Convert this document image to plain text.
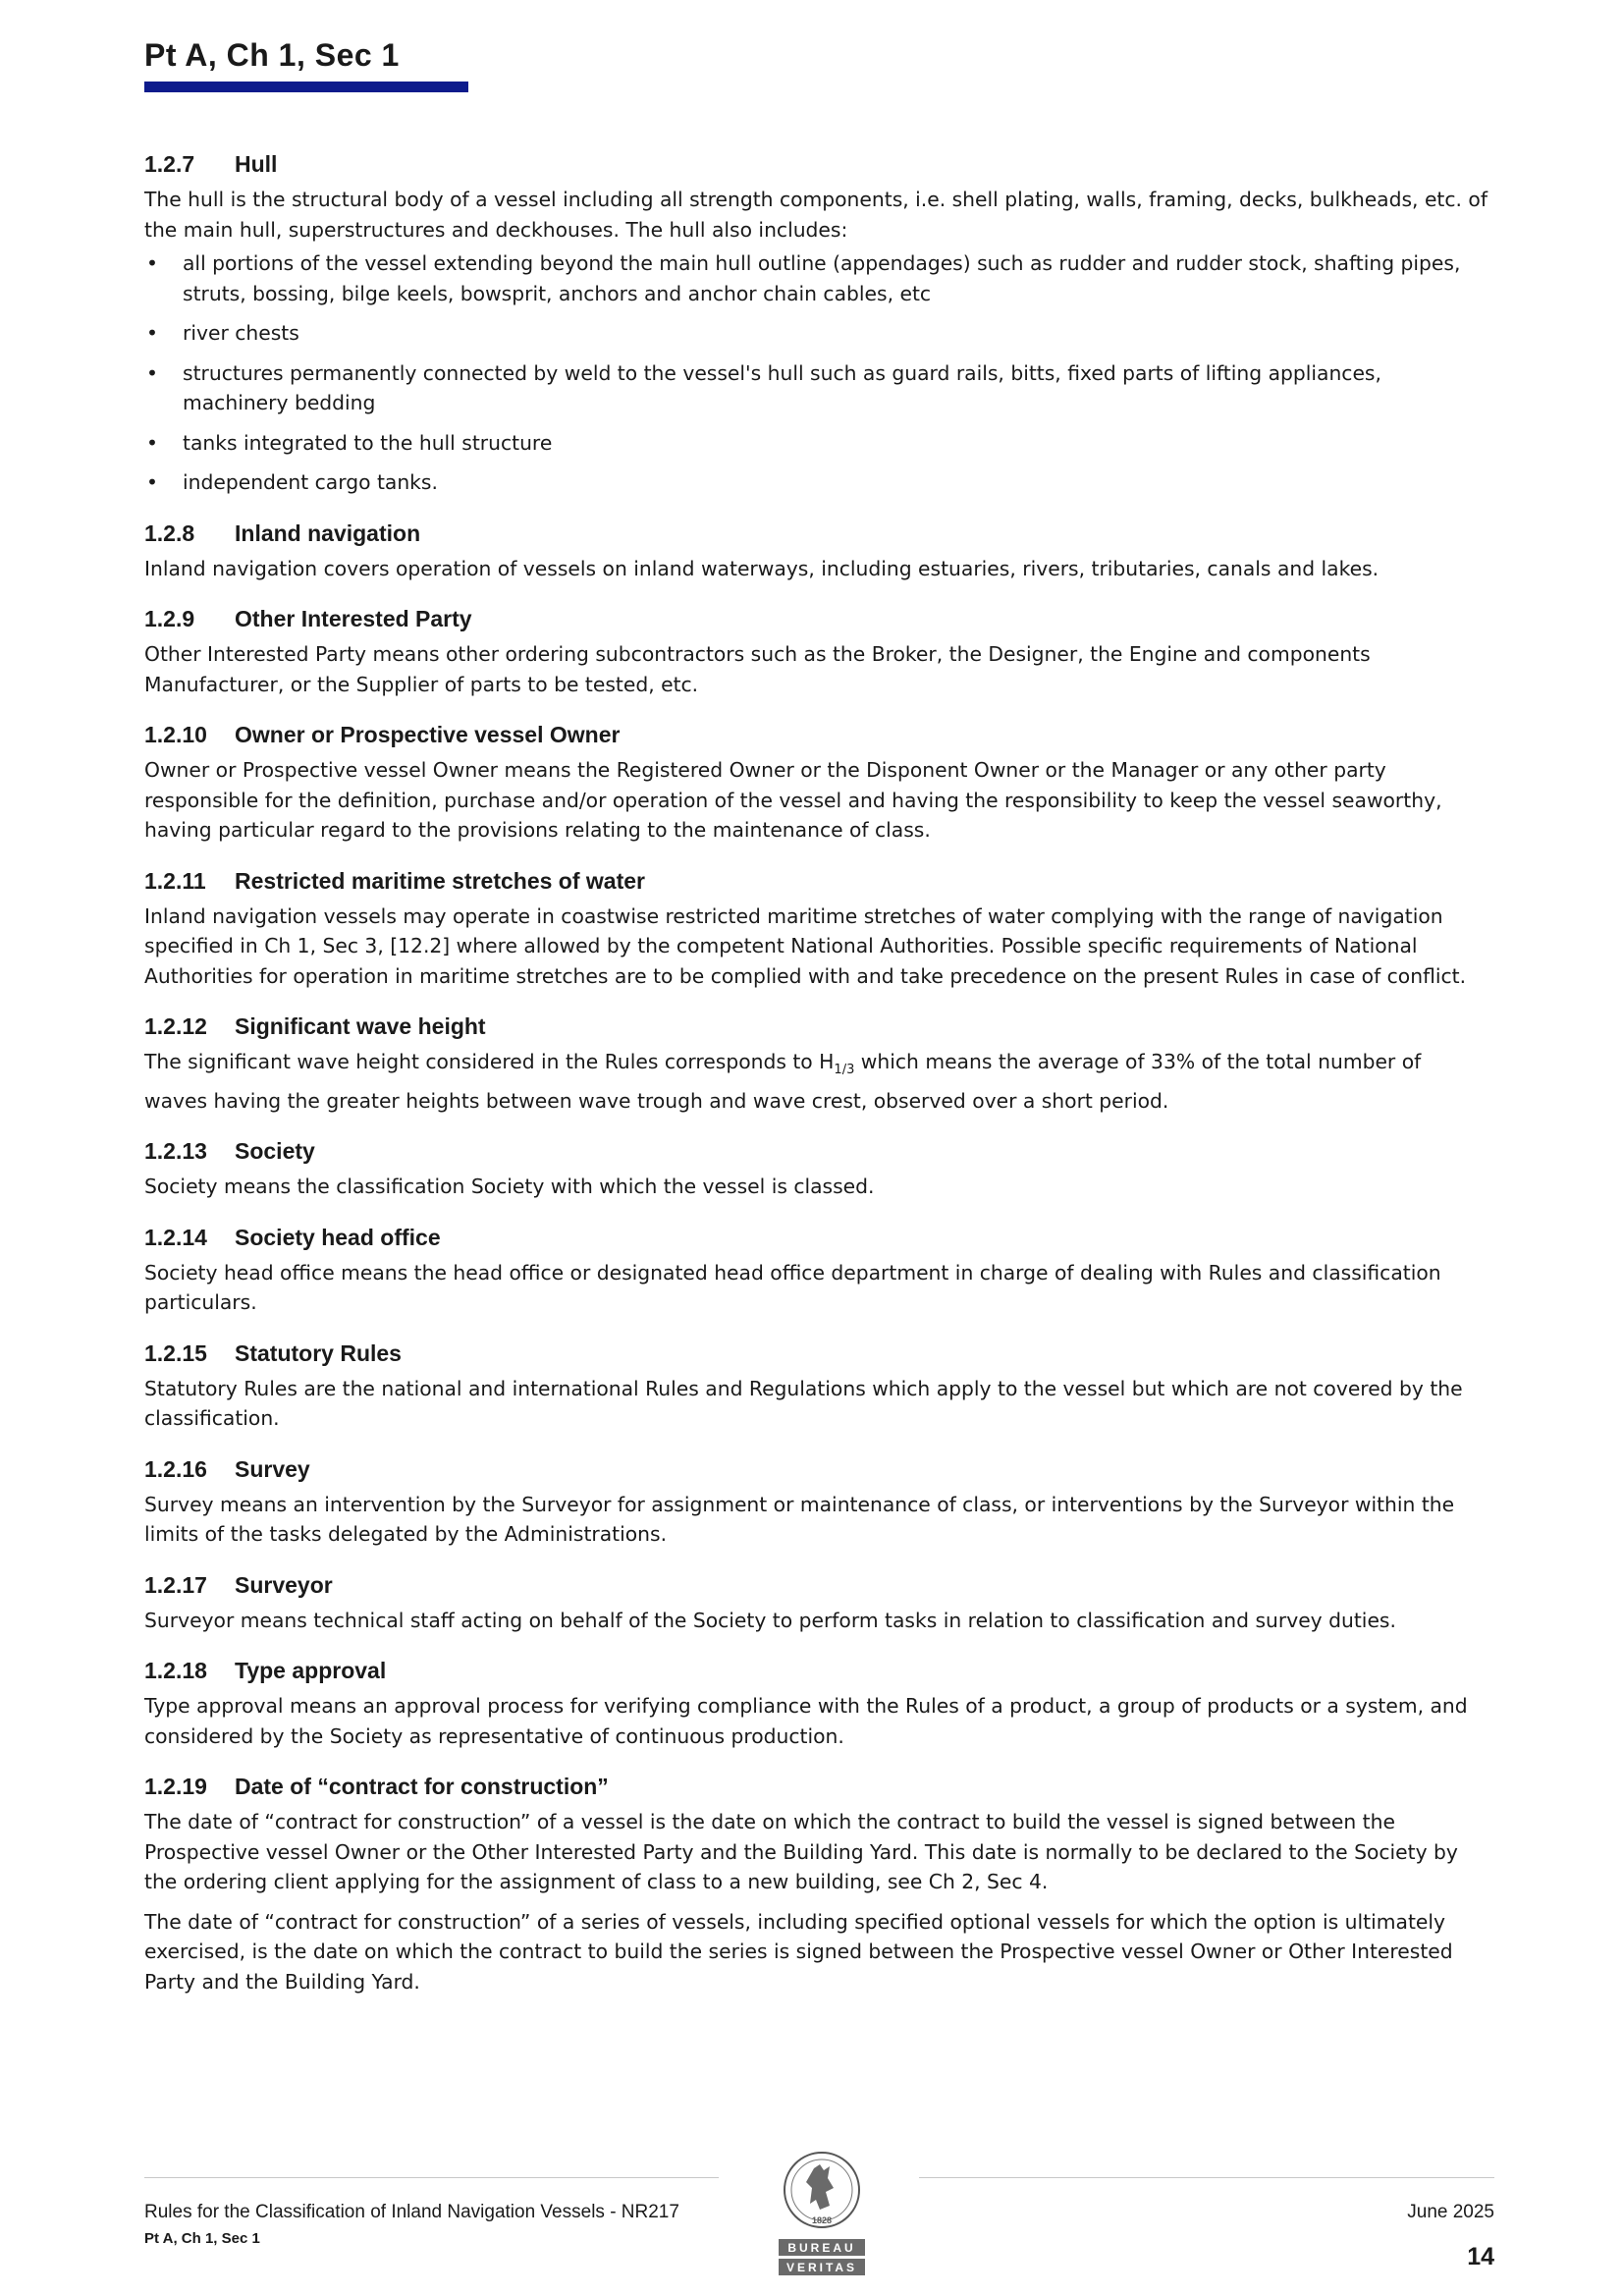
Pt A, Ch 1, Sec 1
1.2.7 Hull

The hull is the structural body of a vessel including all strength components, i.e. shell plating, walls, framing, decks, bulkheads, etc. of the main hull, superstructures and deckhouses. The hull also includes:

• all portions of the vessel extending beyond the main hull outline (appendages) such as rudder and rudder stock, shafting pipes, struts, bossing, bilge keels, bowsprit, anchors and anchor chain cables, etc
• river chests
• structures permanently connected by weld to the vessel's hull such as guard rails, bitts, fixed parts of lifting appliances, machinery bedding
• tanks integrated to the hull structure
• independent cargo tanks.
1.2.8 Inland navigation

Inland navigation covers operation of vessels on inland waterways, including estuaries, rivers, tributaries, canals and lakes.

1.2.9 Other Interested Party

Other Interested Party means other ordering subcontractors such as the Broker, the Designer, the Engine and components Manufacturer, or the Supplier of parts to be tested, etc.

1.2.10 Owner or Prospective vessel Owner

Owner or Prospective vessel Owner means the Registered Owner or the Disponent Owner or the Manager or any other party responsible for the definition, purchase and/or operation of the vessel and having the responsibility to keep the vessel seaworthy, having particular regard to the provisions relating to the maintenance of class.

1.2.11 Restricted maritime stretches of water

Inland navigation vessels may operate in coastwise restricted maritime stretches of water complying with the range of navigation specified in Ch 1, Sec 3, [12.2] where allowed by the competent National Authorities. Possible specific requirements of National Authorities for operation in maritime stretches are to be complied with and take precedence on the present Rules in case of conflict.

1.2.12 Significant wave height

The significant wave height considered in the Rules corresponds to $H_{1/3}$ which means the average of 33% of the total number of waves having the greater heights between wave trough and wave crest, observed over a short period.

1.2.13 Society

Society means the classification Society with which the vessel is classed.

1.2.14 Society head office

Society head office means the head office or designated head office department in charge of dealing with Rules and classification particulars.

1.2.15 Statutory Rules

Statutory Rules are the national and international Rules and Regulations which apply to the vessel but which are not covered by the classification.

1.2.16 Survey

Survey means an intervention by the Surveyor for assignment or maintenance of class, or interventions by the Surveyor within the limits of the tasks delegated by the Administrations.

1.2.17 Surveyor

Surveyor means technical staff acting on behalf of the Society to perform tasks in relation to classification and survey duties.

1.2.18 Type approval

Type approval means an approval process for verifying compliance with the Rules of a product, a group of products or a system, and considered by the Society as representative of continuous production.

1.2.19 Date of “contract for construction”

The date of “contract for construction” of a vessel is the date on which the contract to build the vessel is signed between the Prospective vessel Owner or the Other Interested Party and the Building Yard. This date is normally to be declared to the Society by the ordering client applying for the assignment of class to a new building, see Ch 2, Sec 4.

The date of “contract for construction” of a series of vessels, including specified optional vessels for which the option is ultimately exercised, is the date on which the contract to build the series is signed between the Prospective vessel Owner or Other Interested Party and the Building Yard.

Rules for the Classification of Inland Navigation Vessels - NR217

Pt A, Ch 1, Sec 1

June 2025

14

1828
BUREAU
VERITAS
